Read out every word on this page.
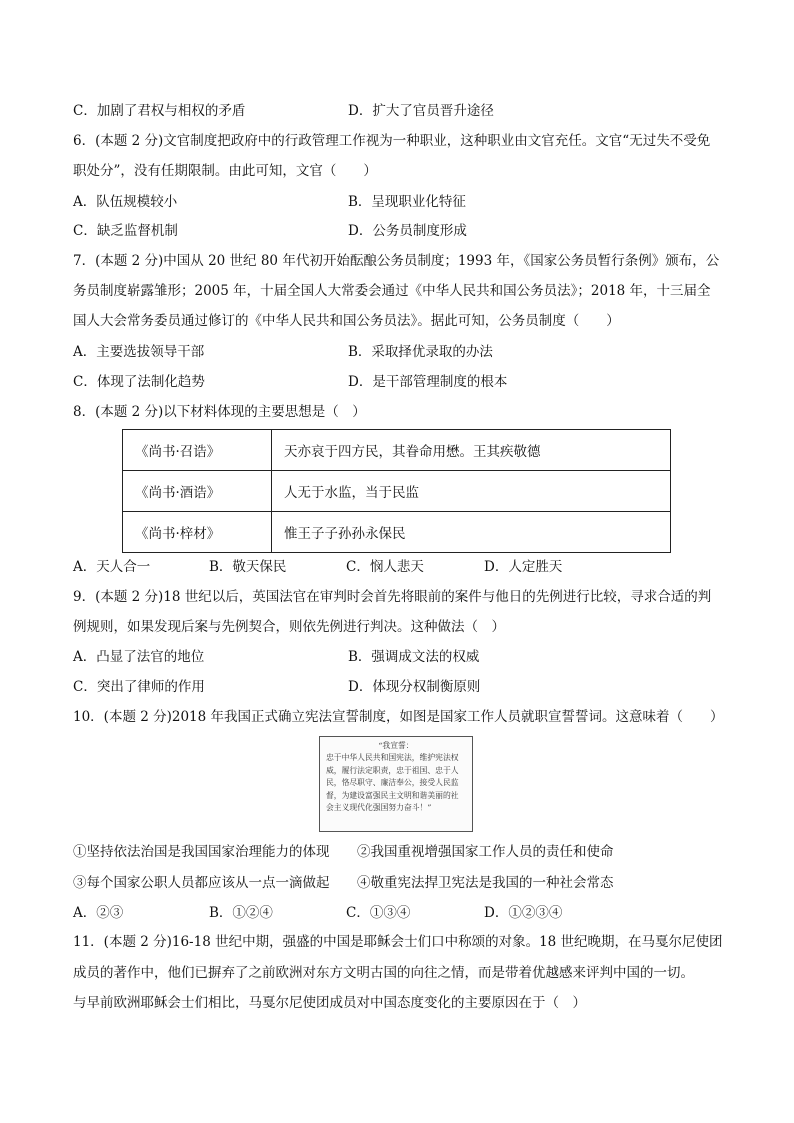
C．加剧了君权与相权的矛盾	D．扩大了官员晋升途径
6．(本题 2 分)文官制度把政府中的行政管理工作视为一种职业，这种职业由文官充任。文官“无过失不受免
职处分”，没有任期限制。由此可知，文官（　　）
A．队伍规模较小	B．呈现职业化特征
C．缺乏监督机制	D．公务员制度形成
7．(本题 2 分)中国从 20 世纪 80 年代初开始酝酿公务员制度；1993 年，《国家公务员暂行条例》颁布，公
务员制度崭露雏形；2005 年，十届全国人大常委会通过《中华人民共和国公务员法》；2018 年，十三届全
国人大会常务委员通过修订的《中华人民共和国公务员法》。据此可知，公务员制度（　　）
A．主要选拔领导干部	B．采取择优录取的办法
C．体现了法制化趋势	D．是干部管理制度的根本
8．(本题 2 分)以下材料体现的主要思想是（　）
《尚书·召诰》	天亦哀于四方民，其眷命用懋。王其疾敬德
《尚书·酒诰》	人无于水监，当于民监
《尚书·梓材》	惟王子子孙孙永保民
A．天人合一	B．敬天保民	C．悯人悲天	D．人定胜天
9．(本题 2 分)18 世纪以后，英国法官在审判时会首先将眼前的案件与他日的先例进行比较，寻求合适的判
例规则，如果发现后案与先例契合，则依先例进行判决。这种做法（　）
A．凸显了法官的地位	B．强调成文法的权威
C．突出了律师的作用	D．体现分权制衡原则
10．(本题 2 分)2018 年我国正式确立宪法宣誓制度，如图是国家工作人员就职宣誓誓词。这意味着（　　）
“我宣誓：
忠于中华人民共和国宪法，维护宪法权威，履行法定职责，忠于祖国、忠于人民，恪尽职守、廉洁奉公，接受人民监督，为建设富强民主文明和谐美丽的社会主义现代化强国努力奋斗！”
①坚持依法治国是我国国家治理能力的体现 ②我国重视增强国家工作人员的责任和使命
③每个国家公职人员都应该从一点一滴做起 ④敬重宪法捍卫宪法是我国的一种社会常态
A．②③	B．①②④	C．①③④	D．①②③④
11．(本题 2 分)16-18 世纪中期，强盛的中国是耶稣会士们口中称颂的对象。18 世纪晚期，在马戛尔尼使团
成员的著作中，他们已摒弃了之前欧洲对东方文明古国的向往之情，而是带着优越感来评判中国的一切。
与早前欧洲耶稣会士们相比，马戛尔尼使团成员对中国态度变化的主要原因在于（　）
